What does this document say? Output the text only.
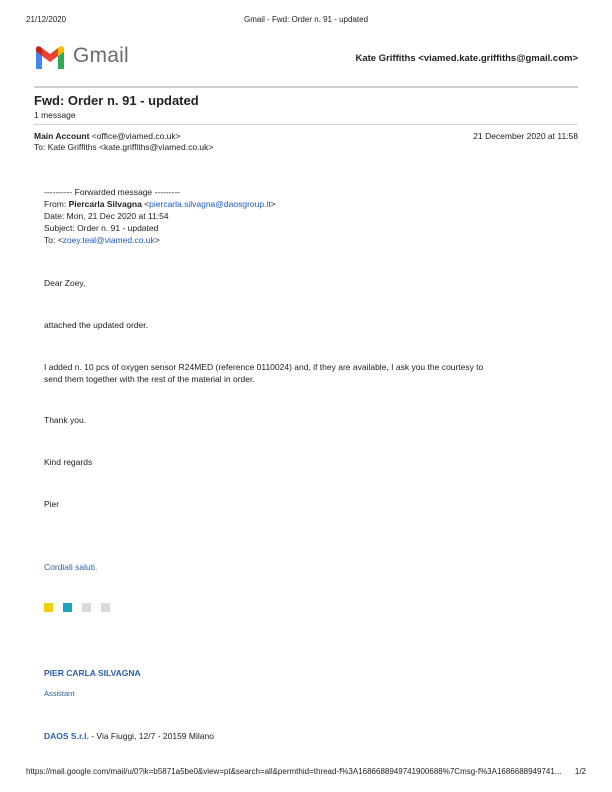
21/12/2020	Gmail - Fwd: Order n. 91 - updated
Gmail	Kate Griffiths <viamed.kate.griffiths@gmail.com>
Fwd: Order n. 91 - updated
1 message
Main Account <office@viamed.co.uk>	21 December 2020 at 11:58
To: Kate Griffiths <kate.griffiths@viamed.co.uk>
---------- Forwarded message ---------
From: Piercarla Silvagna <piercarla.silvagna@daosgroup.it>
Date: Mon, 21 Dec 2020 at 11:54
Subject: Order n. 91 - updated
To: <zoey.teal@viamed.co.uk>
Dear Zoey,
attached the updated order.
I added n. 10 pcs of oxygen sensor R24MED (reference 0110024) and, if they are available, I ask you the courtesy to
send them together with the rest of the material in order.
Thank you.
Kind regards
Pier
Cordiali saluti.
PIER CARLA SILVAGNA
Assistant
DAOS S.r.l. - Via Fiuggi, 12/7 - 20159 Milano
https://mail.google.com/mail/u/0?ik=b5871a5be0&view=pt&search=all&permthid=thread-f%3A1686688949741900688%7Cmsg-f%3A1686688949741...	1/2
